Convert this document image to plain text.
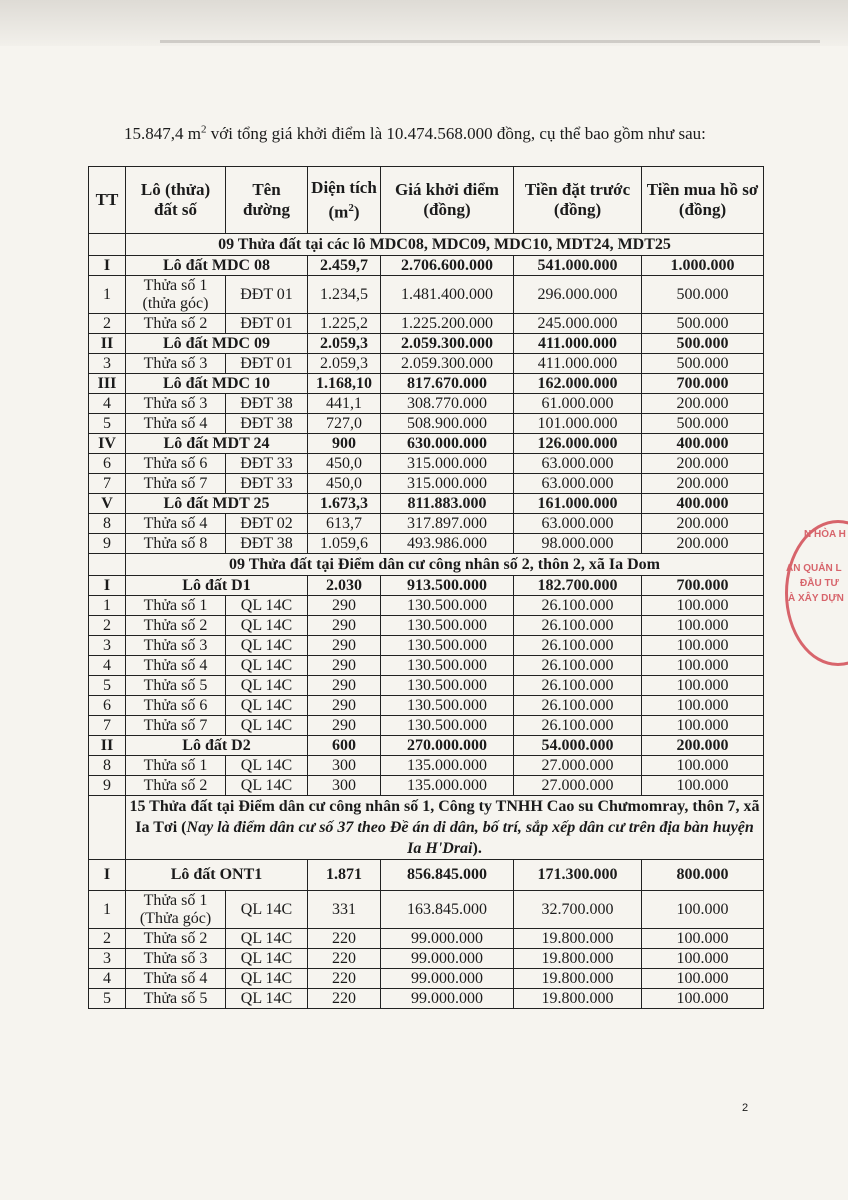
15.847,4 $m^2$ với tổng giá khởi điểm là 10.474.568.000 đồng, cụ thể bao gồm như sau:

TT	Lô (thửa) đất số	Tên đường	Diện tích $(m^2)$	Giá khởi điểm (đồng)	Tiền đặt trước (đồng)	Tiền mua hồ sơ (đồng)
	09 Thửa đất tại các lô MDC08, MDC09, MDC10, MDT24, MDT25					
I	Lô đất MDC 08		2.459,7	2.706.600.000	541.000.000	1.000.000
1	Thửa số 1 (thửa góc)	ĐĐT 01	1.234,5	1.481.400.000	296.000.000	500.000
2	Thửa số 2	ĐĐT 01	1.225,2	1.225.200.000	245.000.000	500.000
II	Lô đất MDC 09		2.059,3	2.059.300.000	411.000.000	500.000
3	Thửa số 3	ĐĐT 01	2.059,3	2.059.300.000	411.000.000	500.000
III	Lô đất MDC 10		1.168,10	817.670.000	162.000.000	700.000
4	Thửa số 3	ĐĐT 38	441,1	308.770.000	61.000.000	200.000
5	Thửa số 4	ĐĐT 38	727,0	508.900.000	101.000.000	500.000
IV	Lô đất MDT 24		900	630.000.000	126.000.000	400.000
6	Thửa số 6	ĐĐT 33	450,0	315.000.000	63.000.000	200.000
7	Thửa số 7	ĐĐT 33	450,0	315.000.000	63.000.000	200.000
V	Lô đất MDT 25		1.673,3	811.883.000	161.000.000	400.000
8	Thửa số 4	ĐĐT 02	613,7	317.897.000	63.000.000	200.000
9	Thửa số 8	ĐĐT 38	1.059,6	493.986.000	98.000.000	200.000
	09 Thửa đất tại Điểm dân cư công nhân số 2, thôn 2, xã Ia Dom					
I	Lô đất D1		2.030	913.500.000	182.700.000	700.000
1	Thửa số 1	QL 14C	290	130.500.000	26.100.000	100.000
2	Thửa số 2	QL 14C	290	130.500.000	26.100.000	100.000
3	Thửa số 3	QL 14C	290	130.500.000	26.100.000	100.000
4	Thửa số 4	QL 14C	290	130.500.000	26.100.000	100.000
5	Thửa số 5	QL 14C	290	130.500.000	26.100.000	100.000
6	Thửa số 6	QL 14C	290	130.500.000	26.100.000	100.000
7	Thửa số 7	QL 14C	290	130.500.000	26.100.000	100.000
II	Lô đất D2		600	270.000.000	54.000.000	200.000
8	Thửa số 1	QL 14C	300	135.000.000	27.000.000	100.000
9	Thửa số 2	QL 14C	300	135.000.000	27.000.000	100.000
	15 Thửa đất tại Điểm dân cư công nhân số 1, Công ty TNHH Cao su Chưmomray, thôn 7, xã Ia Tơi (Nay là điểm dân cư số 37 theo Đề án di dân, bố trí, sắp xếp dân cư trên địa bàn huyện Ia H'Drai).					
I	Lô đất ONT1		1.871	856.845.000	171.300.000	800.000
1	Thửa số 1 (Thửa góc)	QL 14C	331	163.845.000	32.700.000	100.000
2	Thửa số 2	QL 14C	220	99.000.000	19.800.000	100.000
3	Thửa số 3	QL 14C	220	99.000.000	19.800.000	100.000
4	Thửa số 4	QL 14C	220	99.000.000	19.800.000	100.000
5	Thửa số 5	QL 14C	220	99.000.000	19.800.000	100.000
N HÒA H
AN QUẢN L
ĐẦU TƯ
À XÂY DỰN
2
